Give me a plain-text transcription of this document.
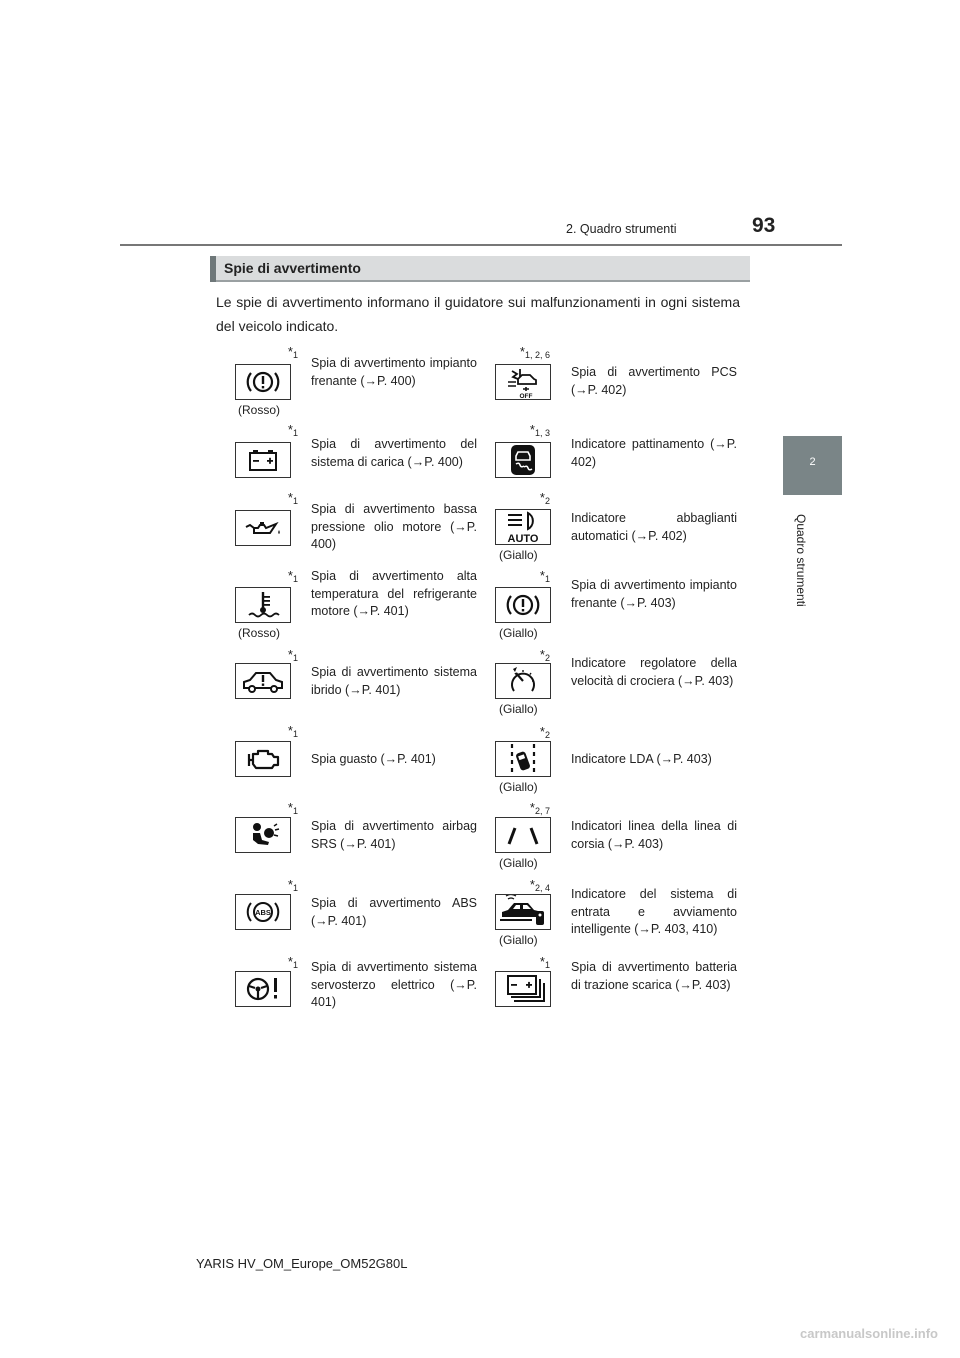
2. Quadro strumenti	93
2
Quadro strumenti
Spie di avvertimento
Le spie di avvertimento informano il guidatore sui malfunzionamenti in ogni sistema del veicolo indicato.
$*_1$
(Rosso)
Spia di avvertimento impianto frenante (→P. 400)
$*_1$
Spia di avvertimento del sistema di carica (→P. 400)
$*_1$
Spia di avvertimento bassa pressione olio motore (→P. 400)
$*_1$
(Rosso)
Spia di avvertimento alta temperatura del refrigerante motore (→P. 401)
$*_1$
Spia di avvertimento sistema ibrido (→P. 401)
$*_1$
Spia guasto (→P. 401)
$*_1$
Spia di avvertimento airbag SRS (→P. 401)
$*_1$
ABS
Spia di avvertimento ABS (→P. 401)
$*_1$ Spia di avvertimento sistema servosterzo elettrico (→P. 401)
$*_{1, 2, 6}$
OFF
Spia di avvertimento PCS (→P. 402)
$*_{1, 3}$
Indicatore pattinamento (→P. 402)
$*_2$
AUTO
(Giallo)
Indicatore abbaglianti automatici (→P. 402)
$*_1$
(Giallo)
Spia di avvertimento impianto frenante (→P. 403)
$*_2$
(Giallo)
Indicatore regolatore della velocità di crociera (→P. 403)
$*_2$
(Giallo)
Indicatore LDA (→P. 403)
$*_{2, 7}$
(Giallo)
Indicatori linea della linea di corsia (→P. 403)
$*_{2, 4}$
(Giallo)
Indicatore del sistema di entrata e avviamento intelligente (→P. 403, 410)
$*_1$ Spia di avvertimento batteria di trazione scarica (→P. 403)
YARIS HV_OM_Europe_OM52G80L
carmanualsonline.info
